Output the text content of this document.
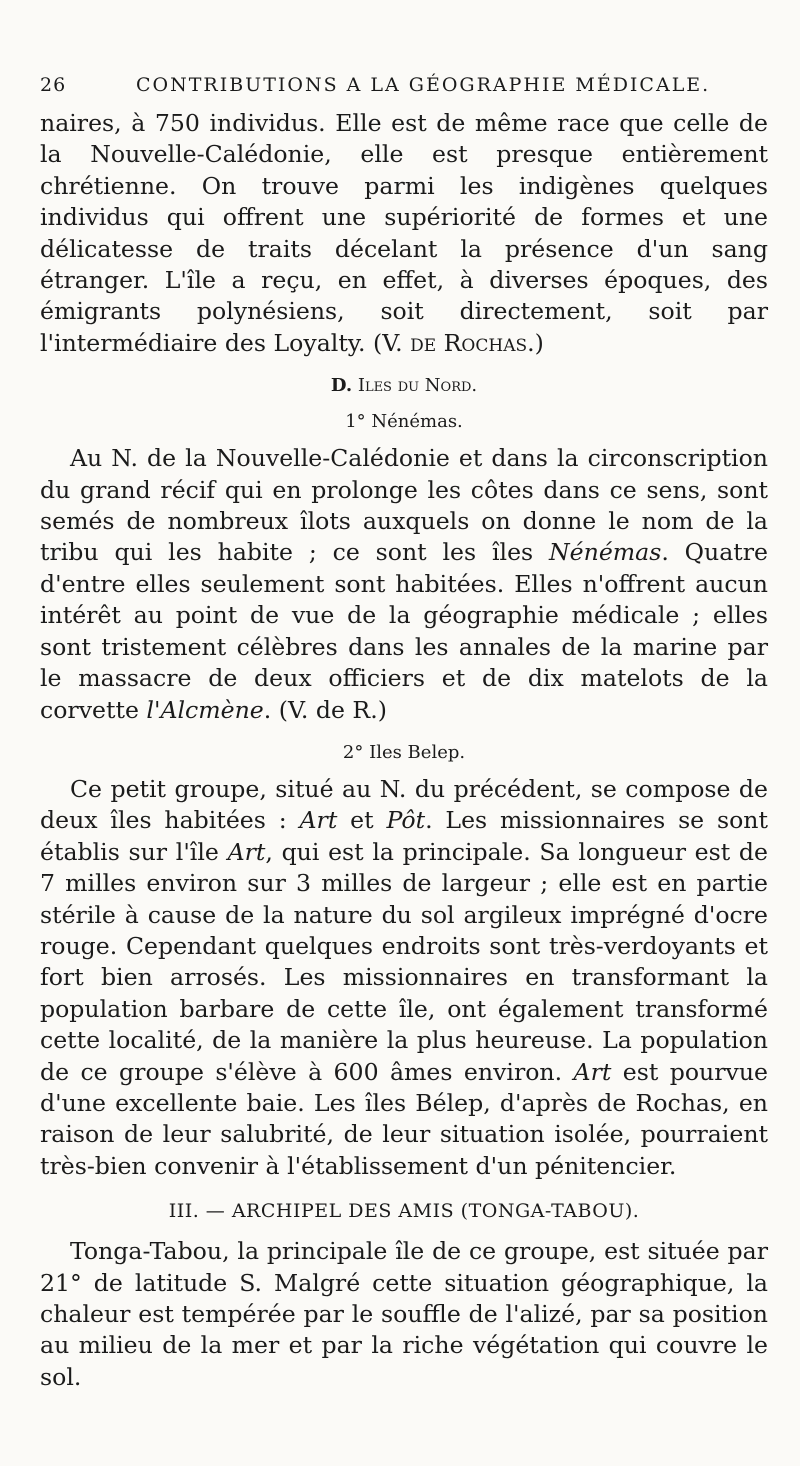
26	CONTRIBUTIONS A LA GÉOGRAPHIE MÉDICALE.

naires, à 750 individus. Elle est de même race que celle de la Nouvelle-Calédonie, elle est presque entièrement chrétienne. On trouve parmi les indigènes quelques individus qui offrent une supériorité de formes et une délicatesse de traits décelant la présence d'un sang étranger. L'île a reçu, en effet, à diverses époques, des émigrants polynésiens, soit directement, soit par l'intermédiaire des Loyalty. (V. de Rochas.)

D. Iles du Nord.
1° Nénémas.

Au N. de la Nouvelle-Calédonie et dans la circonscription du grand récif qui en prolonge les côtes dans ce sens, sont semés de nombreux îlots auxquels on donne le nom de la tribu qui les habite ; ce sont les îles Nénémas. Quatre d'entre elles seulement sont habitées. Elles n'offrent aucun intérêt au point de vue de la géographie médicale ; elles sont tristement célèbres dans les annales de la marine par le massacre de deux officiers et de dix matelots de la corvette l'Alcmène. (V. de R.)

2° Iles Belep.

Ce petit groupe, situé au N. du précédent, se compose de deux îles habitées : Art et Pôt. Les missionnaires se sont établis sur l'île Art, qui est la principale. Sa longueur est de 7 milles environ sur 3 milles de largeur ; elle est en partie stérile à cause de la nature du sol argileux imprégné d'ocre rouge. Cependant quelques endroits sont très-verdoyants et fort bien arrosés. Les missionnaires en transformant la population barbare de cette île, ont également transformé cette localité, de la manière la plus heureuse. La population de ce groupe s'élève à 600 âmes environ. Art est pourvue d'une excellente baie. Les îles Bélep, d'après de Rochas, en raison de leur salubrité, de leur situation isolée, pourraient très-bien convenir à l'établissement d'un pénitencier.

III. — ARCHIPEL DES AMIS (TONGA-TABOU).

Tonga-Tabou, la principale île de ce groupe, est située par 21° de latitude S. Malgré cette situation géographique, la chaleur est tempérée par le souffle de l'alizé, par sa position au milieu de la mer et par la riche végétation qui couvre le sol.
